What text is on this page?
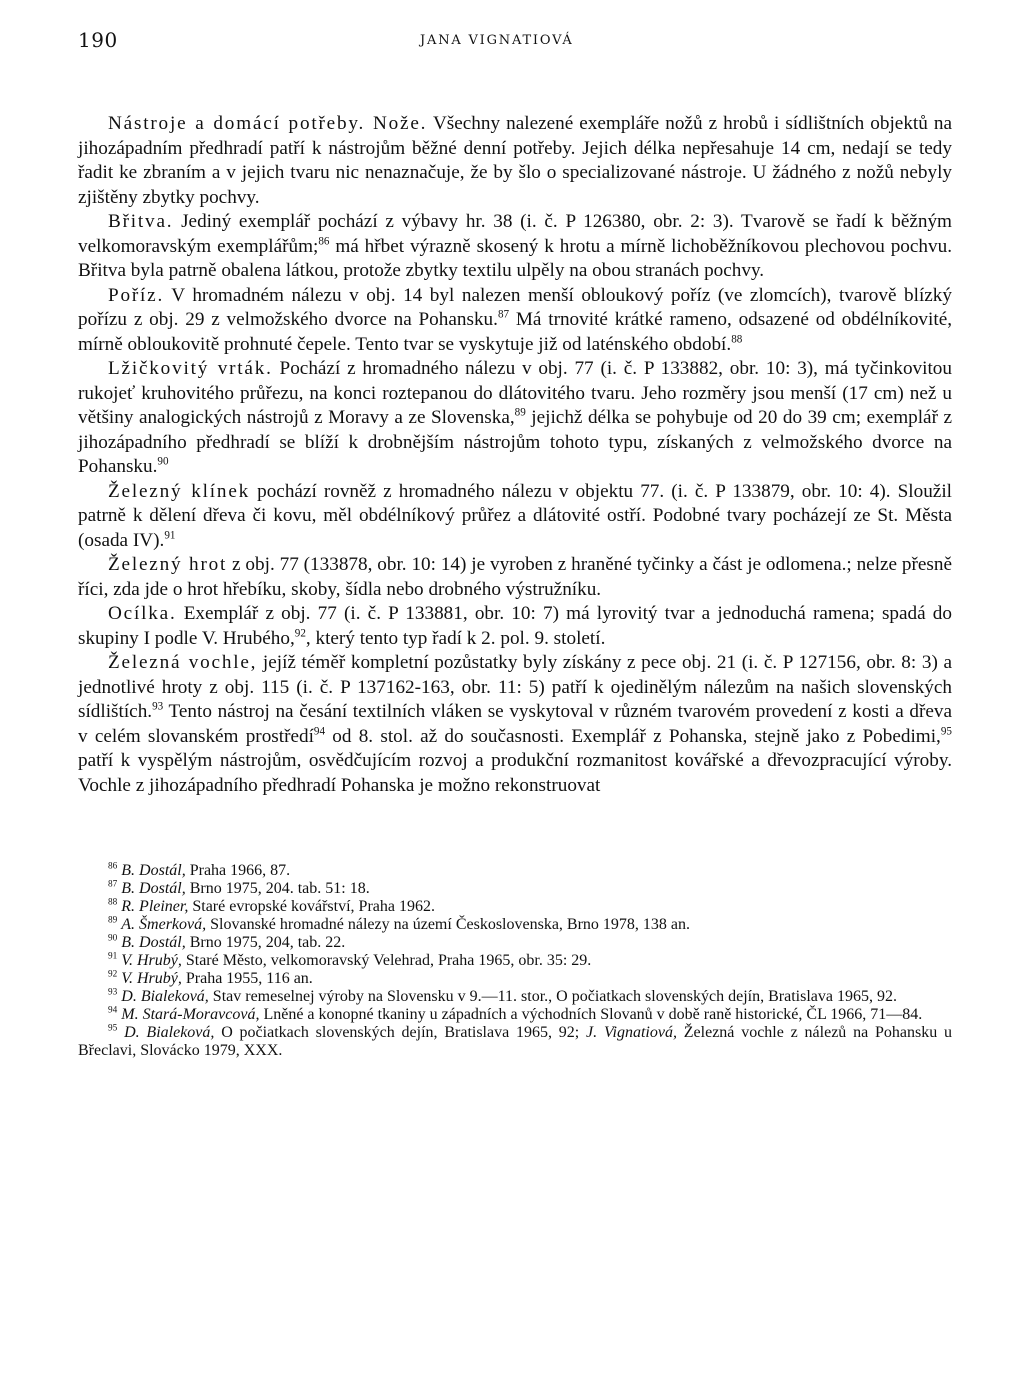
190	JANA VIGNATIOVÁ

Nástroje a domácí potřeby. Nože. Všechny nalezené exempláře nožů z hrobů i sídlištních objektů na jihozápadním předhradí patří k nástrojům běžné denní potřeby. Jejich délka nepřesahuje 14 cm, nedají se tedy řadit ke zbraním a v jejich tvaru nic nenaznačuje, že by šlo o specializované nástroje. U žádného z nožů nebyly zjištěny zbytky pochvy.

Břitva. Jediný exemplář pochází z výbavy hr. 38 (i. č. P 126380, obr. 2: 3). Tvarově se řadí k běžným velkomoravským exemplářům;$^{86}$ má hřbet výrazně skosený k hrotu a mírně lichoběžníkovou plechovou pochvu. Břitva byla patrně obalena látkou, protože zbytky textilu ulpěly na obou stranách pochvy.

Poříz. V hromadném nálezu v obj. 14 byl nalezen menší obloukový poříz (ve zlomcích), tvarově blízký pořízu z obj. 29 z velmožského dvorce na Pohansku.$^{87}$ Má trnovité krátké rameno, odsazené od obdélníkovité, mírně obloukovitě prohnuté čepele. Tento tvar se vyskytuje již od laténského období.$^{88}$

Lžičkovitý vrták. Pochází z hromadného nálezu v obj. 77 (i. č. P 133882, obr. 10: 3), má tyčinkovitou rukojeť kruhovitého průřezu, na konci roztepanou do dlátovitého tvaru. Jeho rozměry jsou menší (17 cm) než u většiny analogických nástrojů z Moravy a ze Slovenska,$^{89}$ jejichž délka se pohybuje od 20 do 39 cm; exemplář z jihozápadního předhradí se blíží k drobnějším nástrojům tohoto typu, získaných z velmožského dvorce na Pohansku.$^{90}$

Železný klínek pochází rovněž z hromadného nálezu v objektu 77. (i. č. P 133879, obr. 10: 4). Sloužil patrně k dělení dřeva či kovu, měl obdélníkový průřez a dlátovité ostří. Podobné tvary pocházejí ze St. Města (osada IV).$^{91}$

Železný hrot z obj. 77 (133878, obr. 10: 14) je vyroben z hraněné tyčinky a část je odlomena.; nelze přesně říci, zda jde o hrot hřebíku, skoby, šídla nebo drobného výstružníku.

Ocílka. Exemplář z obj. 77 (i. č. P 133881, obr. 10: 7) má lyrovitý tvar a jednoduchá ramena; spadá do skupiny I podle V. Hrubého,$^{92}$, který tento typ řadí k 2. pol. 9. století.

Železná vochle, jejíž téměř kompletní pozůstatky byly získány z pece obj. 21 (i. č. P 127156, obr. 8: 3) a jednotlivé hroty z obj. 115 (i. č. P 137162-163, obr. 11: 5) patří k ojedinělým nálezům na našich slovenských sídlištích.$^{93}$ Tento nástroj na česání textilních vláken se vyskytoval v různém tvarovém provedení z kosti a dřeva v celém slovanském prostředí$^{94}$ od 8. stol. až do současnosti. Exemplář z Pohanska, stejně jako z Pobedimi,$^{95}$ patří k vyspělým nástrojům, osvědčujícím rozvoj a produkční rozmanitost kovářské a dřevozpracující výroby. Vochle z jihozápadního předhradí Pohanska je možno rekonstruovat

$^{86}$ B. Dostál, Praha 1966, 87.

$^{87}$ B. Dostál, Brno 1975, 204. tab. 51: 18.

$^{88}$ R. Pleiner, Staré evropské kovářství, Praha 1962.

$^{89}$ A. Šmerková, Slovanské hromadné nálezy na území Československa, Brno 1978, 138 an.

$^{90}$ B. Dostál, Brno 1975, 204, tab. 22.

$^{91}$ V. Hrubý, Staré Město, velkomoravský Velehrad, Praha 1965, obr. 35: 29.

$^{92}$ V. Hrubý, Praha 1955, 116 an.

$^{93}$ D. Bialeková, Stav remeselnej výroby na Slovensku v 9.—11. stor., O počiatkach slovenských dejín, Bratislava 1965, 92.

$^{94}$ M. Stará-Moravcová, Lněné a konopné tkaniny u západních a východních Slovanů v době raně historické, ČL 1966, 71—84.

$^{95}$ D. Bialeková, O počiatkach slovenských dejín, Bratislava 1965, 92; J. Vignatiová, Železná vochle z nálezů na Pohansku u Břeclavi, Slovácko 1979, XXX.
